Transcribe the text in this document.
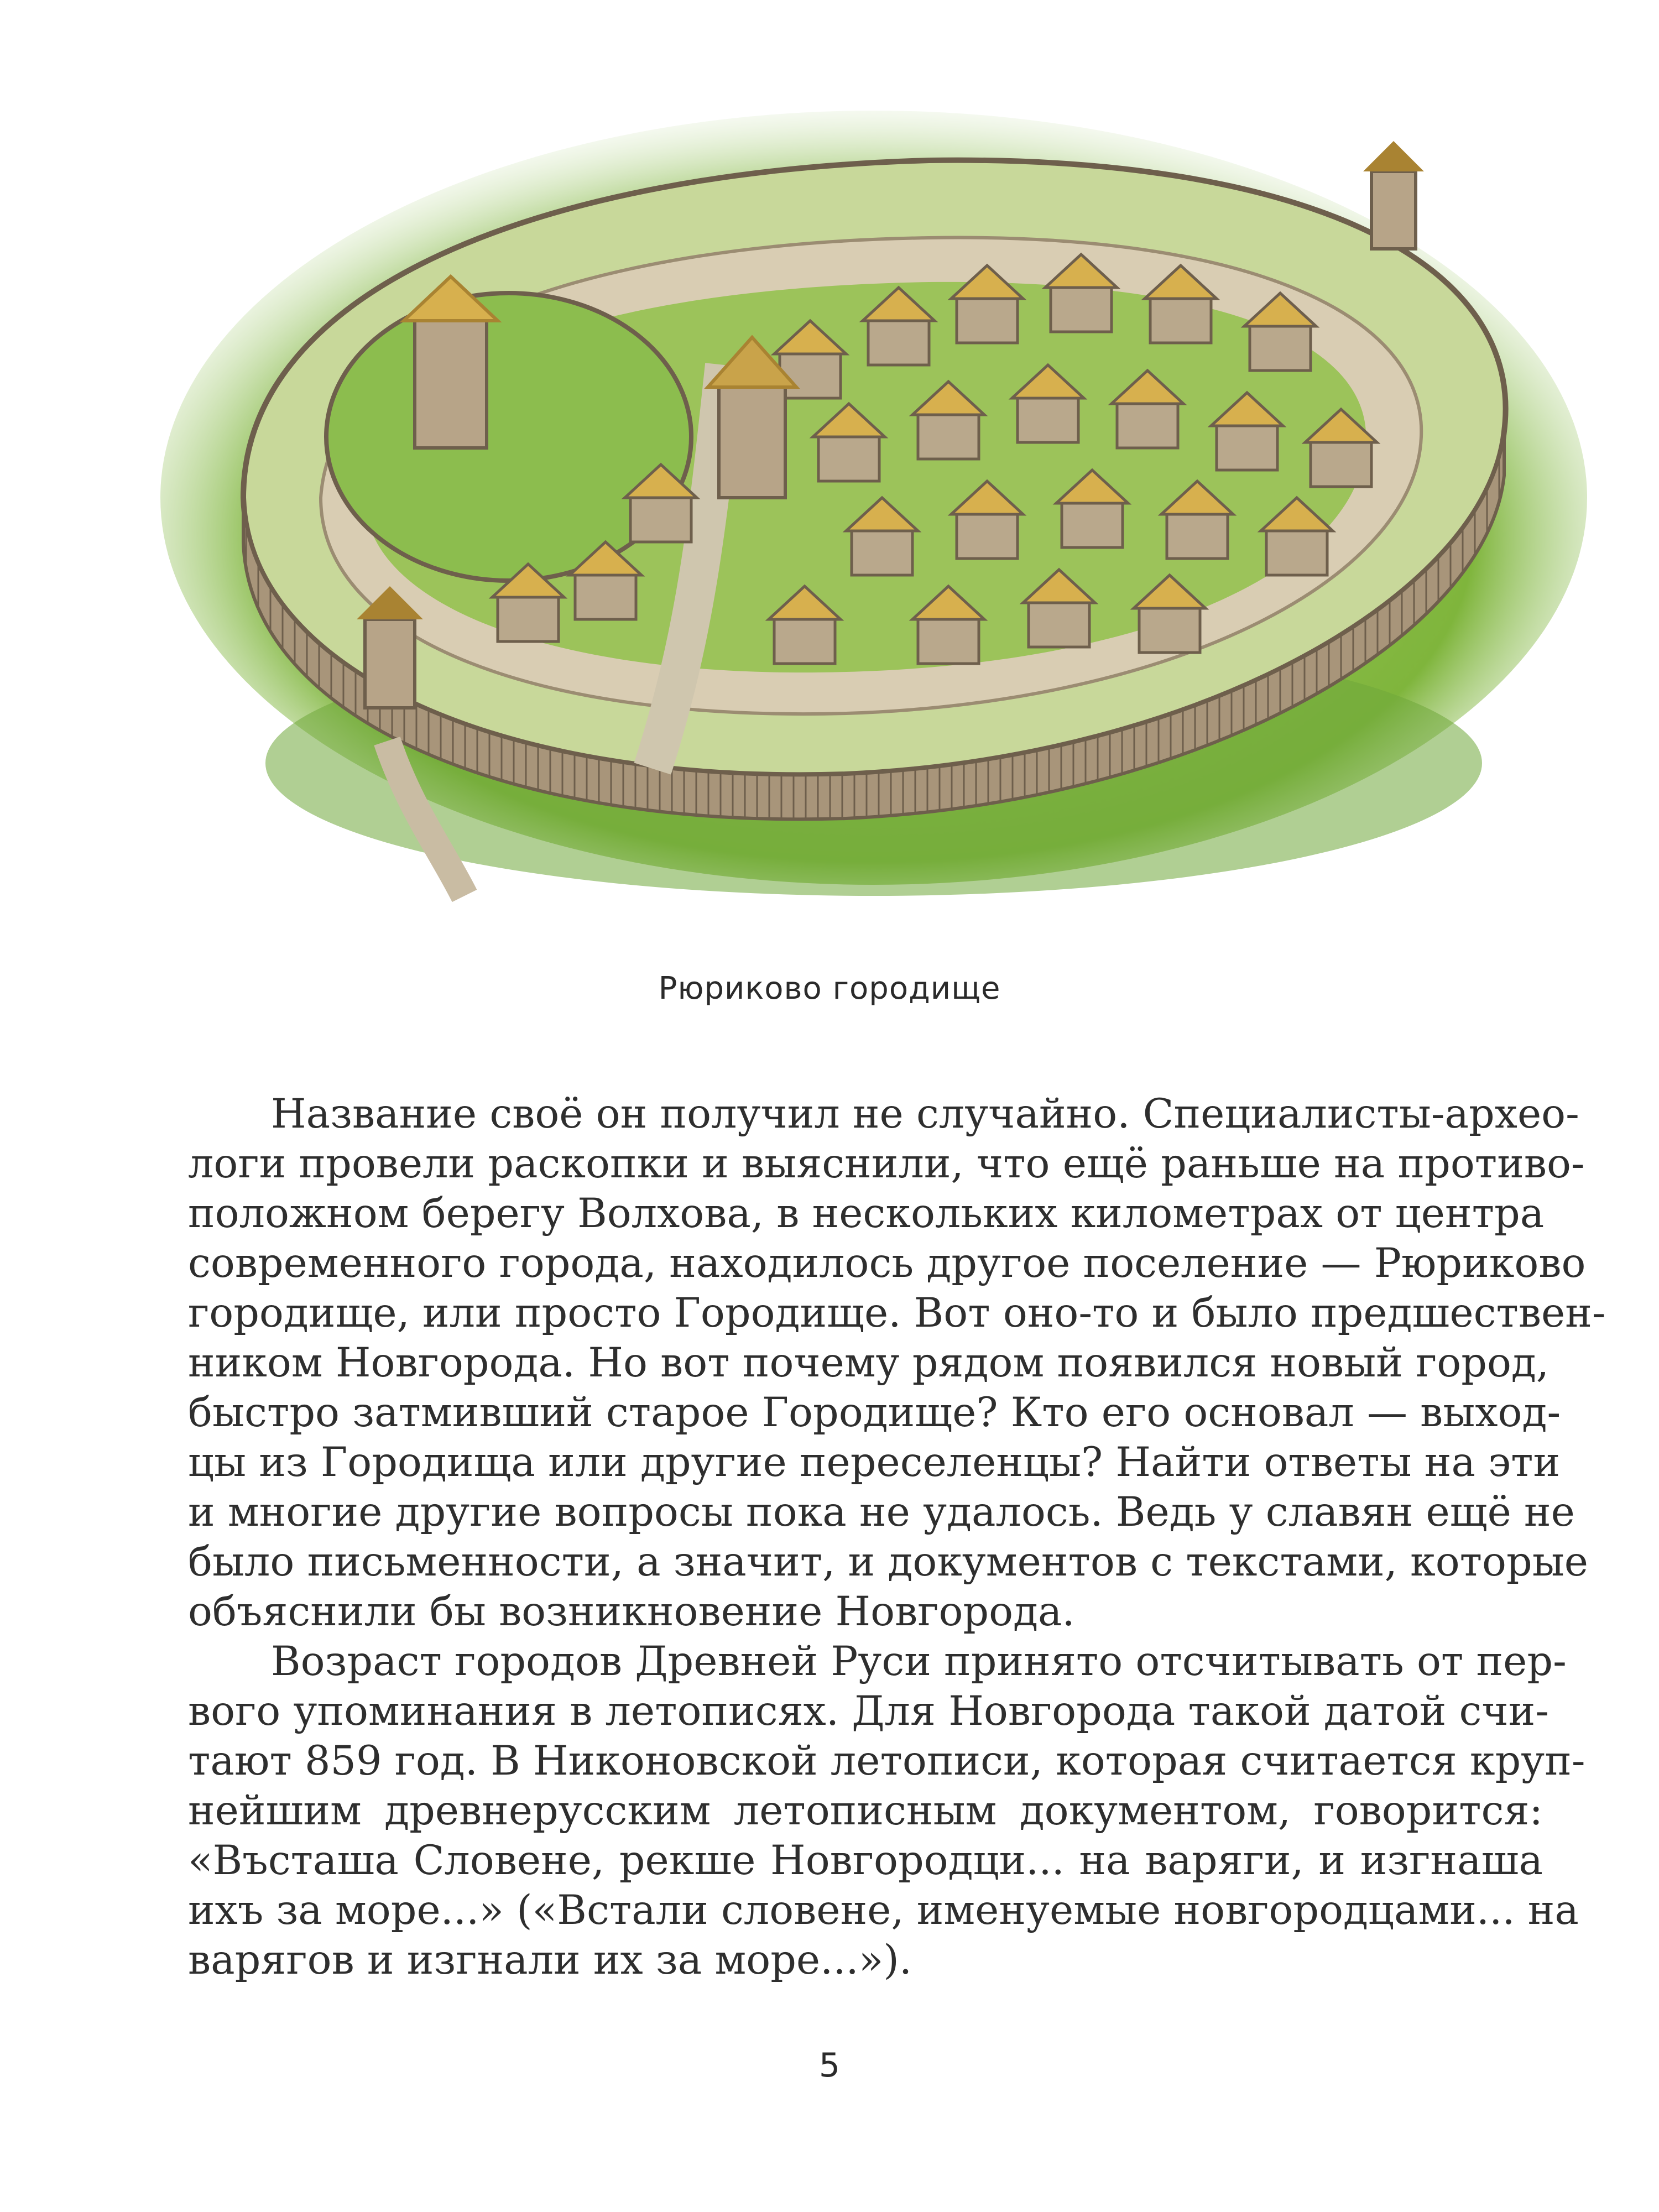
Рюриково городище

Название своё он получил не случайно. Специалисты-архео-
логи провели раскопки и выяснили, что ещё раньше на противо-
положном берегу Волхова, в нескольких километрах от центра
современного города, находилось другое поселение — Рюриково
городище, или просто Городище. Вот оно-то и было предшествен-
ником Новгорода. Но вот почему рядом появился новый город,
быстро затмивший старое Городище? Кто его основал — выход-
цы из Городища или другие переселенцы? Найти ответы на эти
и многие другие вопросы пока не удалось. Ведь у славян ещё не
было письменности, а значит, и документов с текстами, которые
объяснили бы возникновение Новгорода.

Возраст городов Древней Руси принято отсчитывать от пер-
вого упоминания в летописях. Для Новгорода такой датой счи-
тают 859 год. В Никоновской летописи, которая считается круп-
нейшим древнерусским летописным документом, говорится:
«Въсташа Словене, рекше Новгородци... на варяги, и изгнаша
ихъ за море...» («Встали словене, именуемые новгородцами... на
варягов и изгнали их за море...»).

5
